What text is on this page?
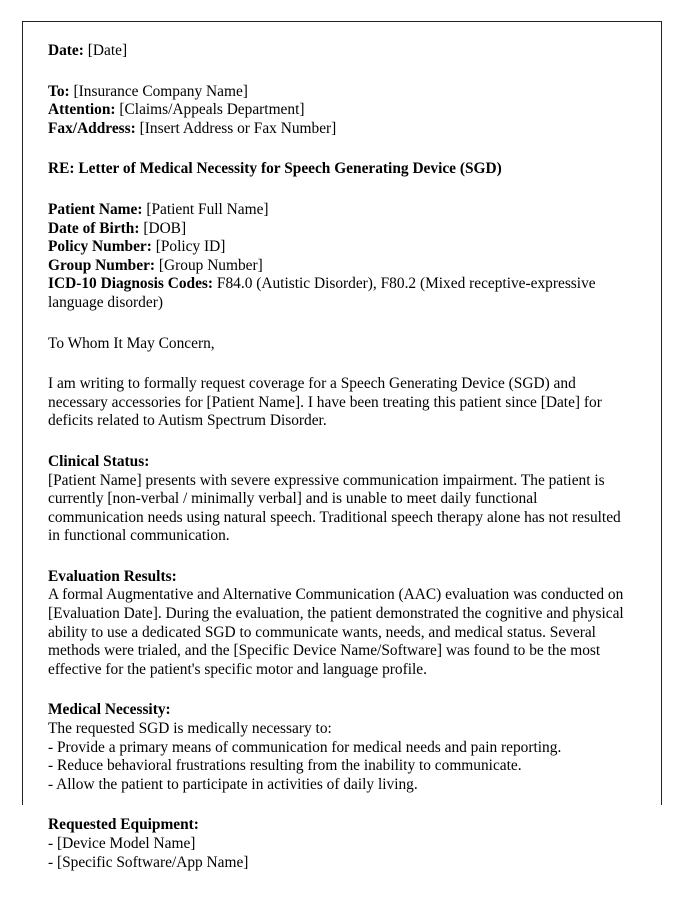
Date: [Date]

To: [Insurance Company Name]

Attention: [Claims/Appeals Department]

Fax/Address: [Insert Address or Fax Number]

RE: Letter of Medical Necessity for Speech Generating Device (SGD)

Patient Name: [Patient Full Name]

Date of Birth: [DOB]

Policy Number: [Policy ID]

Group Number: [Group Number]

ICD-10 Diagnosis Codes: F84.0 (Autistic Disorder), F80.2 (Mixed receptive-expressive language disorder)

To Whom It May Concern,

I am writing to formally request coverage for a Speech Generating Device (SGD) and necessary accessories for [Patient Name]. I have been treating this patient since [Date] for deficits related to Autism Spectrum Disorder.

Clinical Status:

[Patient Name] presents with severe expressive communication impairment. The patient is currently [non-verbal / minimally verbal] and is unable to meet daily functional communication needs using natural speech. Traditional speech therapy alone has not resulted in functional communication.

Evaluation Results:

A formal Augmentative and Alternative Communication (AAC) evaluation was conducted on [Evaluation Date]. During the evaluation, the patient demonstrated the cognitive and physical ability to use a dedicated SGD to communicate wants, needs, and medical status. Several methods were trialed, and the [Specific Device Name/Software] was found to be the most effective for the patient's specific motor and language profile.

Medical Necessity:

The requested SGD is medically necessary to:

- Provide a primary means of communication for medical needs and pain reporting.

- Reduce behavioral frustrations resulting from the inability to communicate.

- Allow the patient to participate in activities of daily living.

Requested Equipment:

- [Device Model Name]

- [Specific Software/App Name]
